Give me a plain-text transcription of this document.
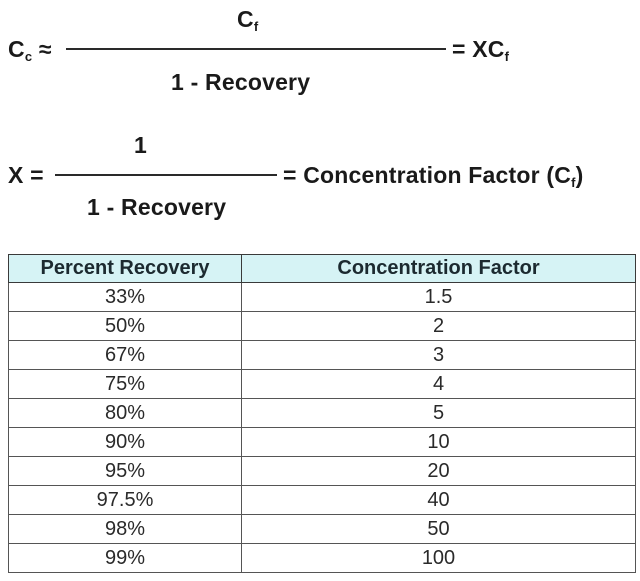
$C_c$ ≈
$C_f$
1 - Recovery
= $XC_f$
X =
1
1 - Recovery
= Concentration Factor $(C_f)$
Percent Recovery	Concentration Factor
33%	1.5
50%	2
67%	3
75%	4
80%	5
90%	10
95%	20
97.5%	40
98%	50
99%	100
